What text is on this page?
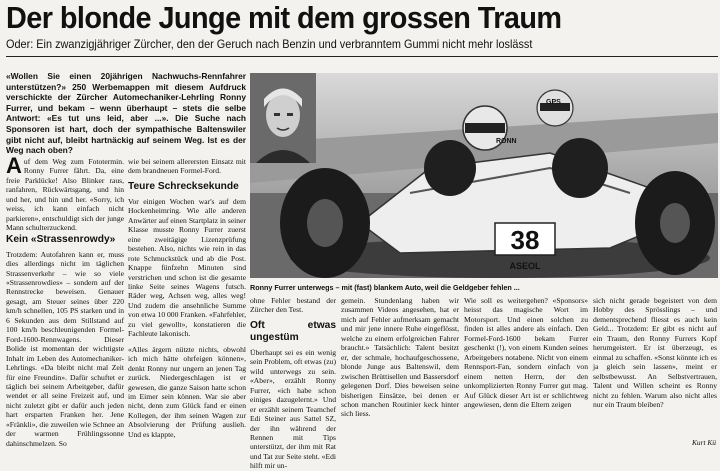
Der blonde Junge mit dem grossen Traum
Oder: Ein zwanzigjähriger Zürcher, den der Geruch nach Benzin und verbranntem Gummi nicht mehr loslässt
«Wollen Sie einen 20jährigen Nachwuchs-Rennfahrer unterstützen?» 250 Werbemappen mit diesem Aufdruck verschickte der Zürcher Automechaniker-Lehrling Ronny Furrer, und bekam – wenn überhaupt – stets die selbe Antwort: «Es tut uns leid, aber ...». Die Suche nach Sponsoren ist hart, doch der sympathische Baltenswiler gibt nicht auf, bleibt hartnäckig auf seinem Weg. Ist es der Weg nach oben?

Auf dem Weg zum Fototermin. Ronny Furrer fährt. Da, eine freie Parklücke! Also Blinker raus, ranfahren, Rückwärtsgang, und hin und her, und hin und her. «Sorry, ich weiss, ich kann einfach nicht parkieren», entschuldigt sich der junge Mann schulterzuckend.

Kein «Strassenrowdy»

Trotzdem: Autofahren kann er, muss dies allerdings nicht im täglichen Strassenverkehr – wie so viele «Strassenrowdies» – sondern auf der Rennstrecke beweisen. Genauer gesagt, am Steuer seines über 220 km/h schnellen, 105 PS starken und in 6 Sekunden aus dem Stillstand auf 100 km/h beschleunigenden Formel-Ford-1600-Rennwagens. Dieser Bolide ist momentan der wichtigste Inhalt im Leben des Automechaniker-Lehrlings. «Da bleibt nicht mal Zeit für eine Freundin». Dafür schuftet er täglich bei seinem Arbeitgeber, dafür wendet er all seine Freizeit auf, und nicht zuletzt gibt er dafür auch jeden hart ersparten Franken her. Jene «Fränkli», die zuweilen wie Schnee an der warmen Frühlingssonne dahinschmelzen. So

wie bei seinem allerersten Einsatz mit dem brandneuen Formel-Ford.

Teure Schrecksekunde

Vor einigen Wochen war's auf dem Hockenheimring. Wie alle anderen Anwärter auf einen Startplatz in seiner Klasse musste Ronny Furrer zuerst eine zweitägige Lizenzprüfung bestehen. Also, nichts wie rein in das rote Schmuckstück und ab die Post. Knappe fünfzehn Minuten sind verstrichen und schon ist die gesamte linke Seite seines Wagens futsch. Räder weg, Achsen weg, alles weg! Und zudem die ansehnliche Summe von etwa 10 000 Franken. «Fahrfehler, zu viel gewollt», konstatieren die Fachleute lakonisch.

«Alles ärgern nützte nichts, obwohl ich mich hätte ohrfeigen können», denkt Ronny nur ungern an jenen Tag zurück. Niedergeschlagen ist er gewesen, die ganze Saison hatte schon im Eimer sein können. War sie aber nicht, denn zum Glück fand er einen Kollegen, der ihm seinen Wagen zur Absolvierung der Prüfung auslieh. Und es klappte,

38
ASEOL
RONN
GPS
Ronny Furrer unterwegs – mit (fast) blankem Auto, weil die Geldgeber fehlen ...

ohne Fehler bestand der Zürcher den Test.

Oft etwas ungestüm

Überhaupt sei es ein wenig sein Problem, oft etwas (zu) wild unterwegs zu sein. «Aber», erzählt Ronny Furrer, «ich habe schon einiges dazugelernt.» Und er erzählt seinem Teamchef Edi Steiner aus Sattel SZ, der ihn während der Rennen mit Tips unterstützt, der ihm mit Rat und Tat zur Seite steht. «Edi hilft mir un-

gemein. Stundenlang haben wir zusammen Videos angesehen, hat er mich auf Fehler aufmerksam gemacht und mir jene innere Ruhe eingeflösst, welche zu einem erfolgreichen Fahrer braucht.» Tatsächlich: Talent besitzt er, der schmale, hochaufgeschossene, blonde Junge aus Baltenswil, dem zwischen Brüttisellen und Bassersdorf gelegenen Dorf. Dies beweisen seine bisherigen Einsätze, bei denen er schon manchen Routinier keck hinter sich liess.

Wie soll es weitergehen? «Sponsors» heisst das magische Wort im Motorsport. Und einen solchen zu finden ist alles andere als einfach. Den Formel-Ford-1600 bekam Furrer geschenkt (!), von einem Kunden seines Arbeitgebers notabene. Nicht von einem Rennsport-Fan, sondern einfach von einem netten Herrn, der den unkomplizierten Ronny Furrer gut mag. Auf Glück dieser Art ist er schlichtweg angewiesen, denn die Eltern zeigen

sich nicht gerade begeistert von dem Hobby des Sprösslings – und dementsprechend fliesst es auch kein Geld... Trotzdem: Er gibt es nicht auf ein Traum, den Ronny Furrers Kopf herumgeistert. Er ist überzeugt, es einmal zu schaffen. «Sonst könnte ich es ja gleich sein lassen», meint er selbstbewusst. An Selbstvertrauen, Talent und Willen scheint es Ronny nicht zu fehlen. Warum also nicht alles nur ein Traum bleiben?

Kurt Kü
